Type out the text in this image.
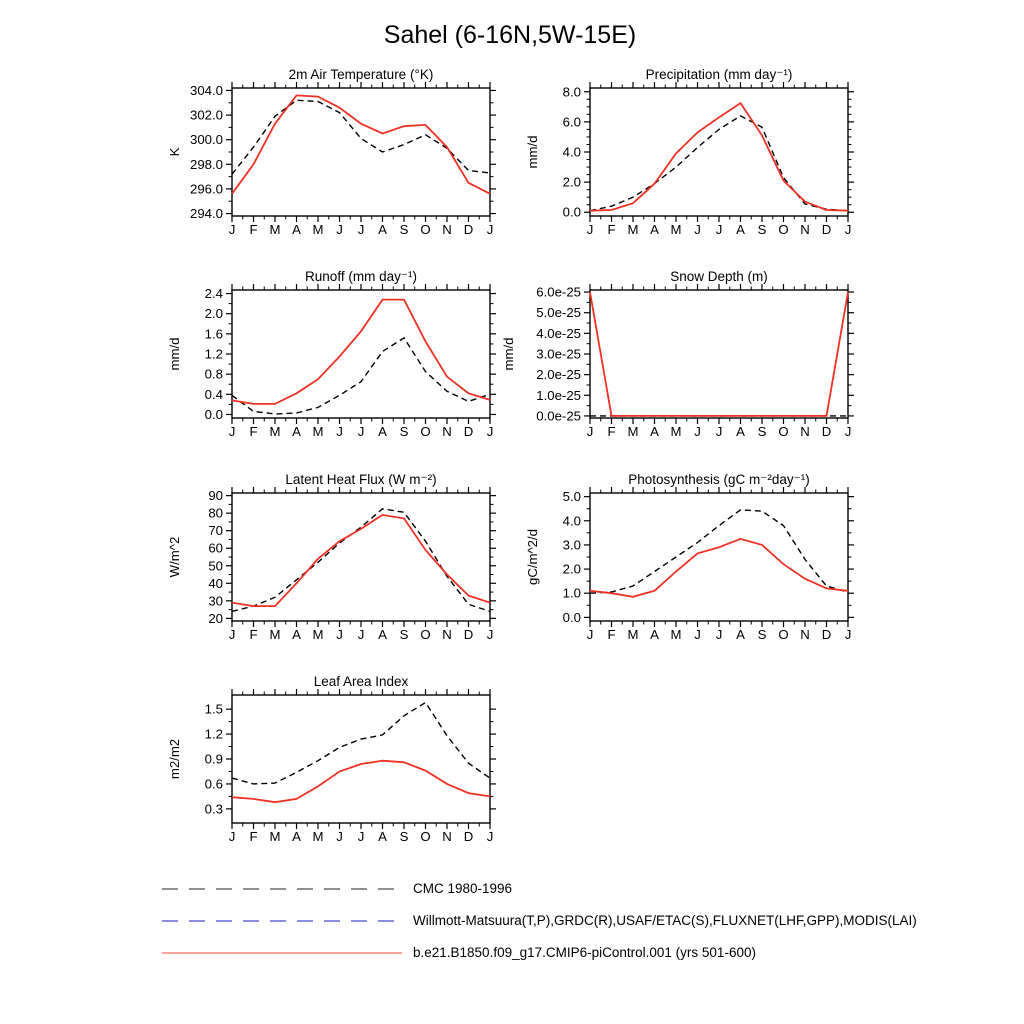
Sahel (6-16N,5W-15E)
2m Air Temperature (°K)
K
294.0
296.0
298.0
300.0
302.0
304.0
J F M A M J J A S O N D J
Precipitation (mm day⁻¹)
mm/d
0.0
2.0
4.0
6.0
8.0
J F M A M J J A S O N D J
Runoff (mm day⁻¹)
mm/d
0.0
0.4
0.8
1.2
1.6
2.0
2.4
J F M A M J J A S O N D J
Snow Depth (m)
mm/d
0.0e-25
1.0e-25
2.0e-25
3.0e-25
4.0e-25
5.0e-25
6.0e-25
J F M A M J J A S O N D J
Latent Heat Flux (W m⁻²)
W/m^2
20
30
40
50
60
70
80
90
J F M A M J J A S O N D J
Photosynthesis (gC m⁻²day⁻¹)
gC/m^2/d
0.0
1.0
2.0
3.0
4.0
5.0
J F M A M J J A S O N D J
Leaf Area Index
m2/m2
0.3
0.6
0.9
1.2
1.5
J F M A M J J A S O N D J
CMC 1980-1996
Willmott-Matsuura(T,P),GRDC(R),USAF/ETAC(S),FLUXNET(LHF,GPP),MODIS(LAI)
b.e21.B1850.f09_g17.CMIP6-piControl.001 (yrs 501-600)
